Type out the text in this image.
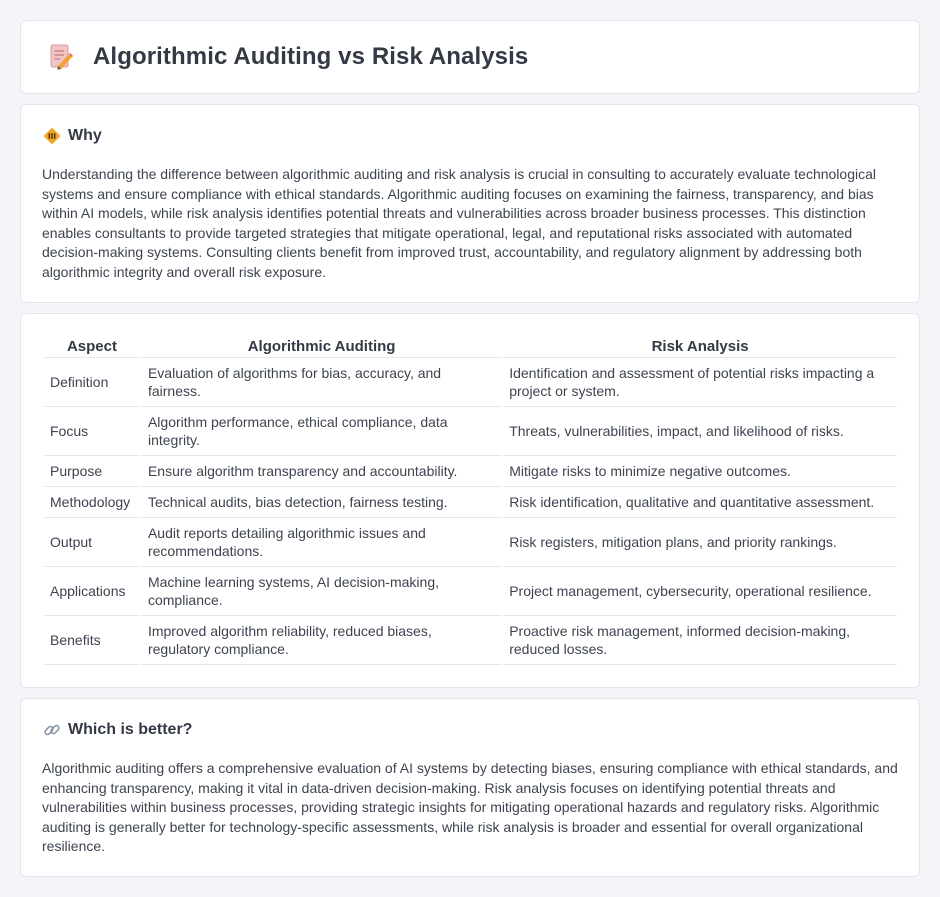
Algorithmic Auditing vs Risk Analysis
Why

Understanding the difference between algorithmic auditing and risk analysis is crucial in consulting to accurately evaluate technological systems and ensure compliance with ethical standards. Algorithmic auditing focuses on examining the fairness, transparency, and bias within AI models, while risk analysis identifies potential threats and vulnerabilities across broader business processes. This distinction enables consultants to provide targeted strategies that mitigate operational, legal, and reputational risks associated with automated decision-making systems. Consulting clients benefit from improved trust, accountability, and regulatory alignment by addressing both algorithmic integrity and overall risk exposure.

Aspect	Algorithmic Auditing	Risk Analysis
Definition	Evaluation of algorithms for bias, accuracy, and fairness.	Identification and assessment of potential risks impacting a project or system.
Focus	Algorithm performance, ethical compliance, data integrity.	Threats, vulnerabilities, impact, and likelihood of risks.
Purpose	Ensure algorithm transparency and accountability.	Mitigate risks to minimize negative outcomes.
Methodology	Technical audits, bias detection, fairness testing.	Risk identification, qualitative and quantitative assessment.
Output	Audit reports detailing algorithmic issues and recommendations.	Risk registers, mitigation plans, and priority rankings.
Applications	Machine learning systems, AI decision-making, compliance.	Project management, cybersecurity, operational resilience.
Benefits	Improved algorithm reliability, reduced biases, regulatory compliance.	Proactive risk management, informed decision-making, reduced losses.
Which is better?

Algorithmic auditing offers a comprehensive evaluation of AI systems by detecting biases, ensuring compliance with ethical standards, and enhancing transparency, making it vital in data-driven decision-making. Risk analysis focuses on identifying potential threats and vulnerabilities within business processes, providing strategic insights for mitigating operational hazards and regulatory risks. Algorithmic auditing is generally better for technology-specific assessments, while risk analysis is broader and essential for overall organizational resilience.
